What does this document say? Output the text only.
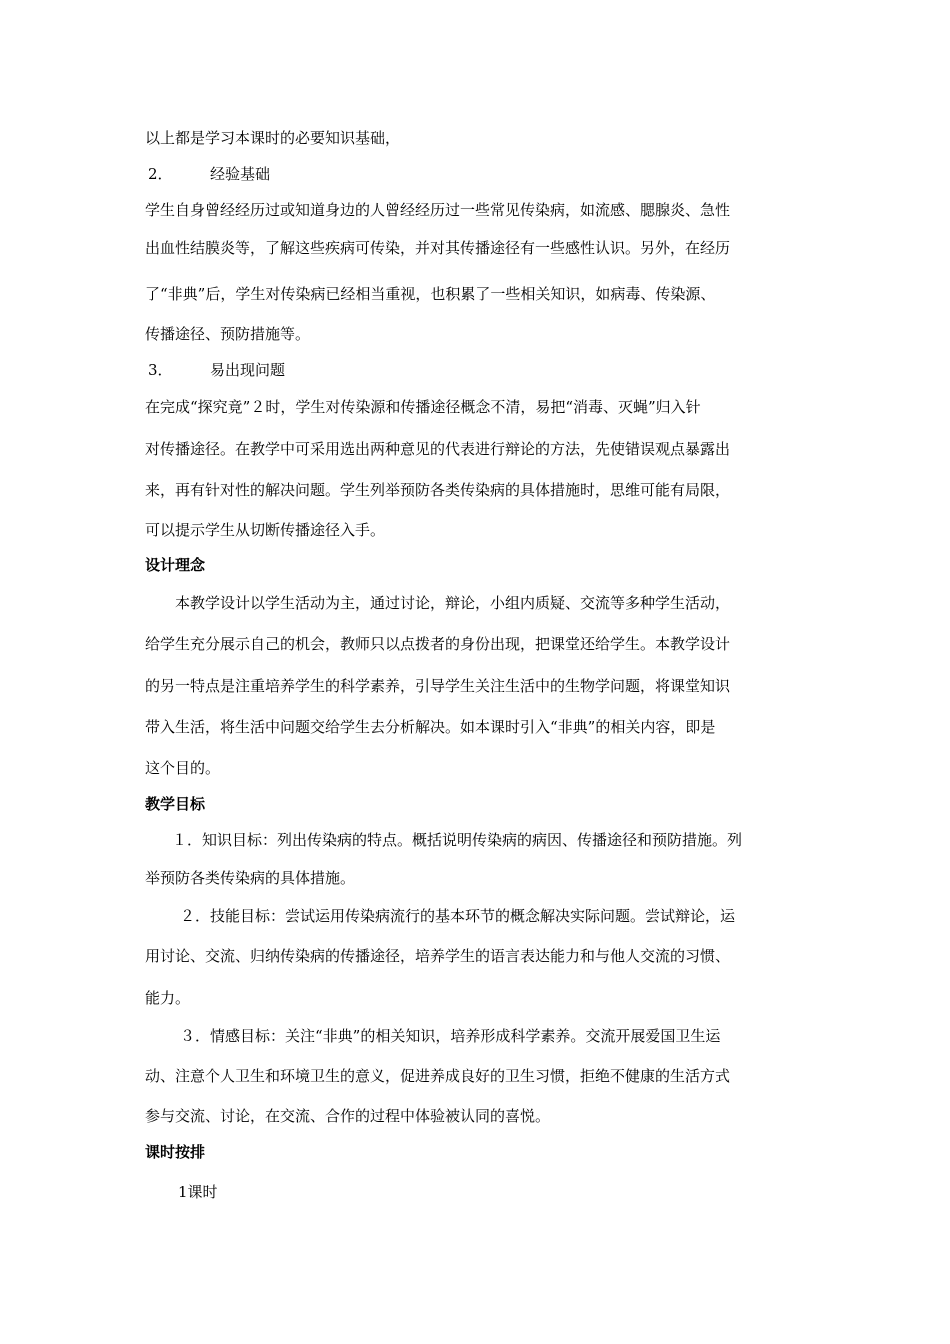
以上都是学习本课时的必要知识基础，
2． 经验基础
学生自身曾经经历过或知道身边的人曾经经历过一些常见传染病，如流感、腮腺炎、急性
出血性结膜炎等，了解这些疾病可传染，并对其传播途径有一些感性认识。另外，在经历
了“非典”后，学生对传染病已经相当重视，也积累了一些相关知识，如病毒、传染源、
传播途径、预防措施等。
3． 易出现问题
在完成“探究竟”２时，学生对传染源和传播途径概念不清，易把“消毒、灭蝇”归入针
对传播途径。在教学中可采用选出两种意见的代表进行辩论的方法，先使错误观点暴露出
来，再有针对性的解决问题。学生列举预防各类传染病的具体措施时，思维可能有局限，
可以提示学生从切断传播途径入手。
设计理念
本教学设计以学生活动为主，通过讨论，辩论，小组内质疑、交流等多种学生活动，
给学生充分展示自己的机会，教师只以点拨者的身份出现，把课堂还给学生。本教学设计
的另一特点是注重培养学生的科学素养，引导学生关注生活中的生物学问题，将课堂知识
带入生活，将生活中问题交给学生去分析解决。如本课时引入“非典”的相关内容，即是
这个目的。
教学目标
１．知识目标：列出传染病的特点。概括说明传染病的病因、传播途径和预防措施。列
举预防各类传染病的具体措施。
２．技能目标：尝试运用传染病流行的基本环节的概念解决实际问题。尝试辩论，运
用讨论、交流、归纳传染病的传播途径，培养学生的语言表达能力和与他人交流的习惯、
能力。
３．情感目标：关注“非典”的相关知识，培养形成科学素养。交流开展爱国卫生运
动、注意个人卫生和环境卫生的意义，促进养成良好的卫生习惯，拒绝不健康的生活方式
参与交流、讨论，在交流、合作的过程中体验被认同的喜悦。
课时按排
1课时
